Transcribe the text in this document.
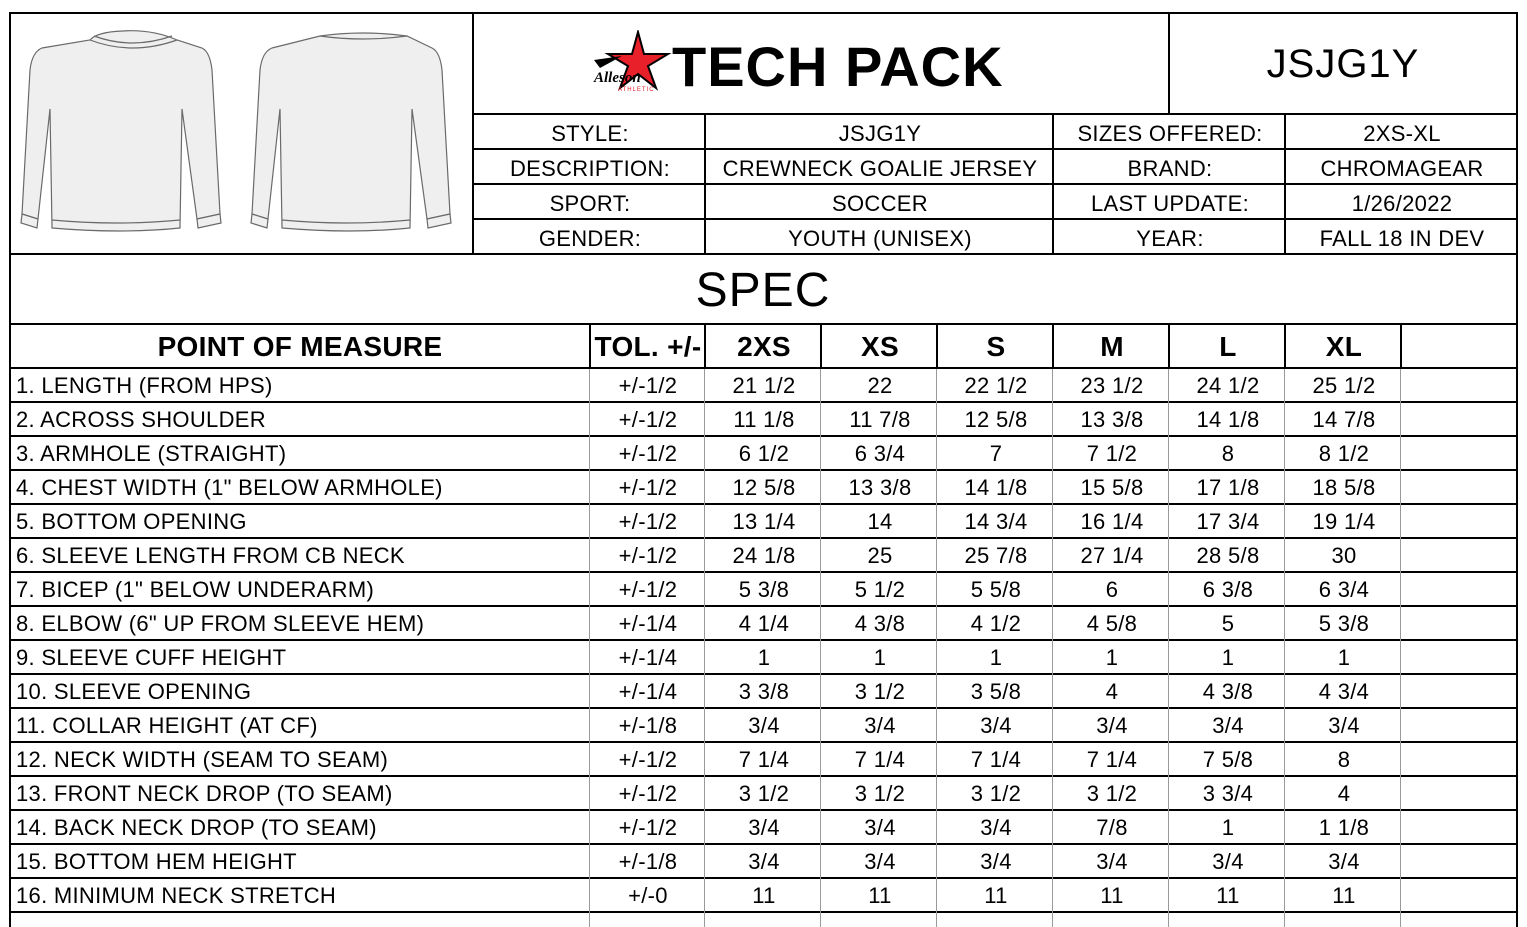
Alleson
ATHLETIC TECH PACK	JSJG1Y
STYLE:	JSJG1Y	SIZES OFFERED:	2XS-XL
DESCRIPTION:	CREWNECK GOALIE JERSEY	BRAND:	CHROMAGEAR
SPORT:	SOCCER	LAST UPDATE:	1/26/2022
GENDER:	YOUTH (UNISEX)	YEAR:	FALL 18 IN DEV
SPEC
POINT OF MEASURE	TOL. +/-	2XS	XS	S	M	L	XL
1. LENGTH (FROM HPS)	+/-1/2	21 1/2	22	22 1/2	23 1/2	24 1/2	25 1/2
2. ACROSS SHOULDER	+/-1/2	11 1/8	11 7/8	12 5/8	13 3/8	14 1/8	14 7/8
3. ARMHOLE (STRAIGHT)	+/-1/2	6 1/2	6 3/4	7	7 1/2	8	8 1/2
4. CHEST WIDTH (1" BELOW ARMHOLE)	+/-1/2	12 5/8	13 3/8	14 1/8	15 5/8	17 1/8	18 5/8
5. BOTTOM OPENING	+/-1/2	13 1/4	14	14 3/4	16 1/4	17 3/4	19 1/4
6. SLEEVE LENGTH FROM CB NECK	+/-1/2	24 1/8	25	25 7/8	27 1/4	28 5/8	30
7. BICEP (1" BELOW UNDERARM)	+/-1/2	5 3/8	5 1/2	5 5/8	6	6 3/8	6 3/4
8. ELBOW (6" UP FROM SLEEVE HEM)	+/-1/4	4 1/4	4 3/8	4 1/2	4 5/8	5	5 3/8
9. SLEEVE CUFF HEIGHT	+/-1/4	1	1	1	1	1	1
10. SLEEVE OPENING	+/-1/4	3 3/8	3 1/2	3 5/8	4	4 3/8	4 3/4
11. COLLAR HEIGHT (AT CF)	+/-1/8	3/4	3/4	3/4	3/4	3/4	3/4
12. NECK WIDTH (SEAM TO SEAM)	+/-1/2	7 1/4	7 1/4	7 1/4	7 1/4	7 5/8	8
13. FRONT NECK DROP (TO SEAM)	+/-1/2	3 1/2	3 1/2	3 1/2	3 1/2	3 3/4	4
14. BACK NECK DROP (TO SEAM)	+/-1/2	3/4	3/4	3/4	7/8	1	1 1/8
15. BOTTOM HEM HEIGHT	+/-1/8	3/4	3/4	3/4	3/4	3/4	3/4
16. MINIMUM NECK STRETCH	+/-0	11	11	11	11	11	11
